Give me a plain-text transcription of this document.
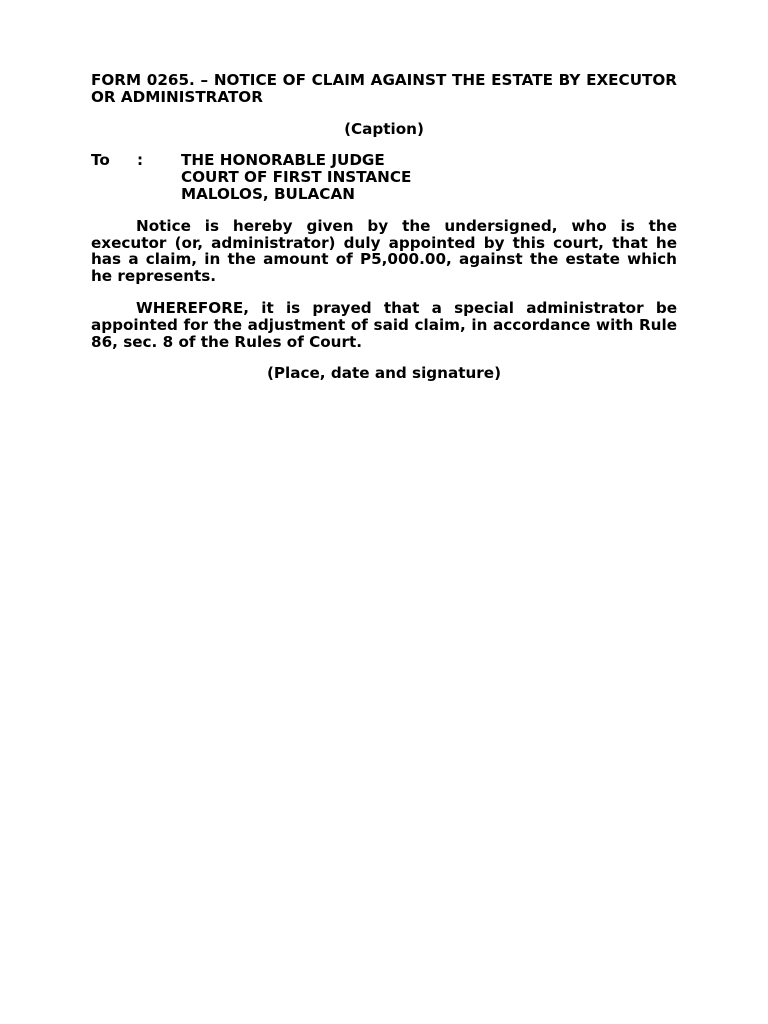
FORM 0265. – NOTICE OF CLAIM AGAINST THE ESTATE BY EXECUTOR OR ADMINISTRATOR

(Caption)

To	:	THE HONORABLE JUDGE
COURT OF FIRST INSTANCE
MALOLOS, BULACAN

Notice is hereby given by the undersigned, who is the executor (or, administrator) duly appointed by this court, that he has a claim, in the amount of P5,000.00, against the estate which he represents.

WHEREFORE, it is prayed that a special administrator be appointed for the adjustment of said claim, in accordance with Rule 86, sec. 8 of the Rules of Court.

(Place, date and signature)
